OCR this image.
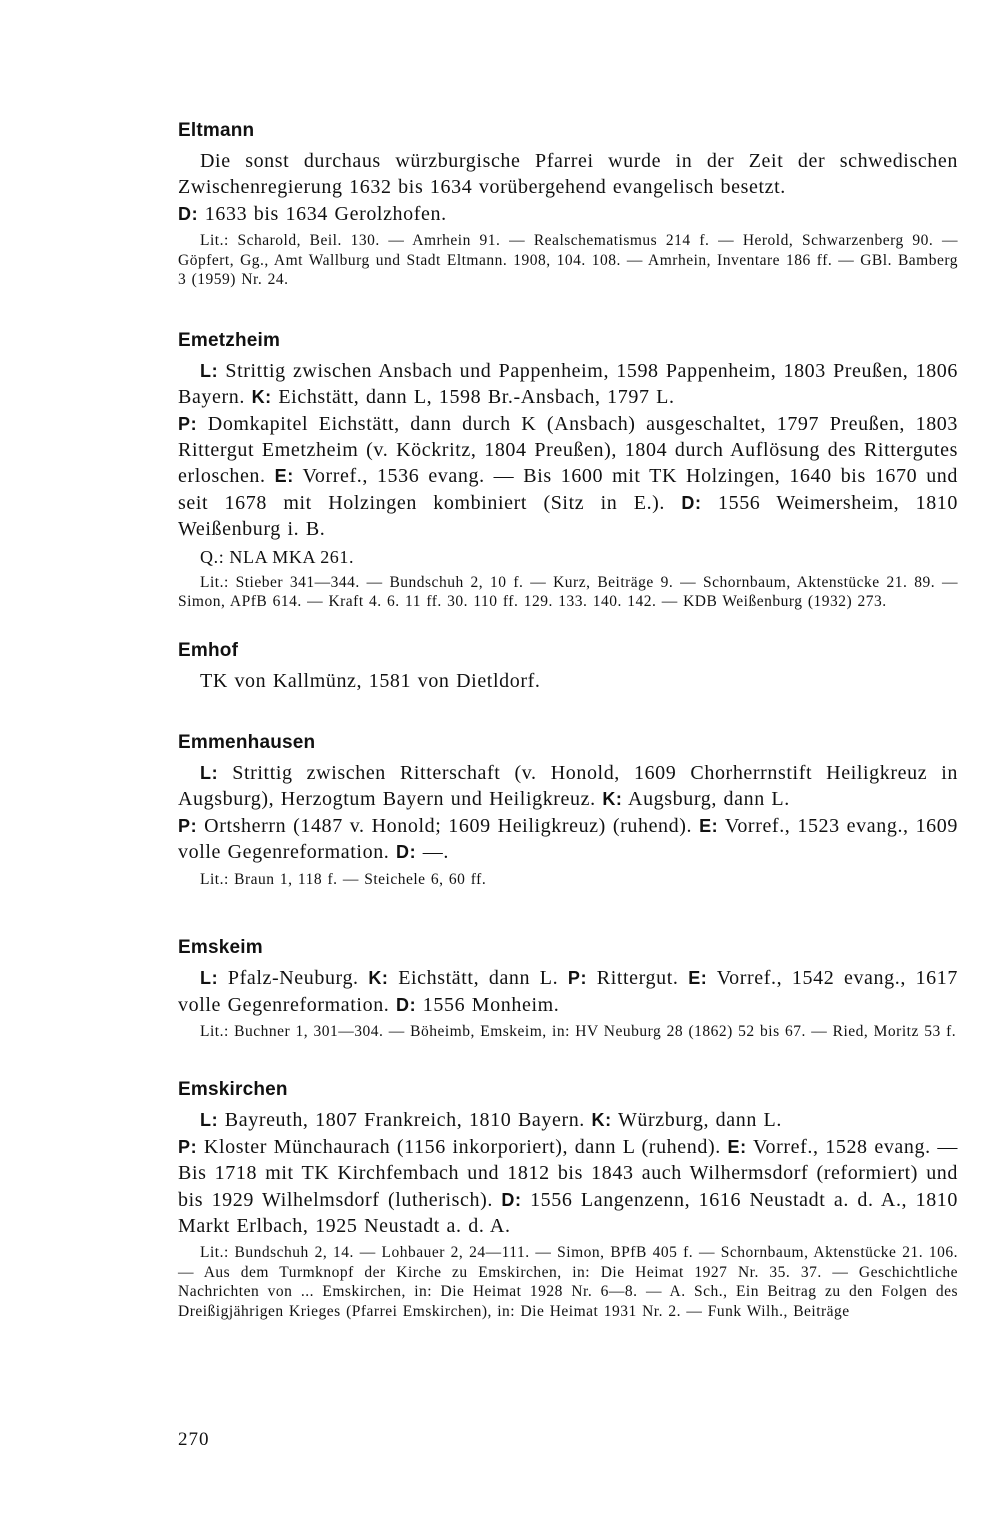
Eltmann

Die sonst durchaus würzburgische Pfarrei wurde in der Zeit der schwedischen Zwischenregierung 1632 bis 1634 vorübergehend evangelisch besetzt.
D: 1633 bis 1634 Gerolzhofen.

Lit.: Scharold, Beil. 130. — Amrhein 91. — Realschematismus 214 f. — Herold, Schwarzenberg 90. — Göpfert, Gg., Amt Wallburg und Stadt Eltmann. 1908, 104. 108. — Amrhein, Inventare 186 ff. — GBl. Bamberg 3 (1959) Nr. 24.

Emetzheim

L: Strittig zwischen Ansbach und Pappenheim, 1598 Pappenheim, 1803 Preußen, 1806 Bayern. K: Eichstätt, dann L, 1598 Br.-Ansbach, 1797 L.
P: Domkapitel Eichstätt, dann durch K (Ansbach) ausgeschaltet, 1797 Preußen, 1803 Rittergut Emetzheim (v. Köckritz, 1804 Preußen), 1804 durch Auflösung des Rittergutes erloschen. E: Vorref., 1536 evang. — Bis 1600 mit TK Holzingen, 1640 bis 1670 und seit 1678 mit Holzingen kombiniert (Sitz in E.). D: 1556 Weimersheim, 1810 Weißenburg i. B.

Q.: NLA MKA 261.

Lit.: Stieber 341—344. — Bundschuh 2, 10 f. — Kurz, Beiträge 9. — Schornbaum, Aktenstücke 21. 89. — Simon, APfB 614. — Kraft 4. 6. 11 ff. 30. 110 ff. 129. 133. 140. 142. — KDB Weißenburg (1932) 273.

Emhof

TK von Kallmünz, 1581 von Dietldorf.

Emmenhausen

L: Strittig zwischen Ritterschaft (v. Honold, 1609 Chorherrnstift Heiligkreuz in Augsburg), Herzogtum Bayern und Heiligkreuz. K: Augsburg, dann L.
P: Ortsherrn (1487 v. Honold; 1609 Heiligkreuz) (ruhend). E: Vorref., 1523 evang., 1609 volle Gegenreformation. D: —.

Lit.: Braun 1, 118 f. — Steichele 6, 60 ff.

Emskeim

L: Pfalz-Neuburg. K: Eichstätt, dann L. P: Rittergut. E: Vorref., 1542 evang., 1617 volle Gegenreformation. D: 1556 Monheim.

Lit.: Buchner 1, 301—304. — Böheimb, Emskeim, in: HV Neuburg 28 (1862) 52 bis 67. — Ried, Moritz 53 f.

Emskirchen

L: Bayreuth, 1807 Frankreich, 1810 Bayern. K: Würzburg, dann L.
P: Kloster Münchaurach (1156 inkorporiert), dann L (ruhend). E: Vorref., 1528 evang. — Bis 1718 mit TK Kirchfembach und 1812 bis 1843 auch Wilhermsdorf (reformiert) und bis 1929 Wilhelmsdorf (lutherisch). D: 1556 Langenzenn, 1616 Neustadt a. d. A., 1810 Markt Erlbach, 1925 Neustadt a. d. A.

Lit.: Bundschuh 2, 14. — Lohbauer 2, 24—111. — Simon, BPfB 405 f. — Schornbaum, Aktenstücke 21. 106. — Aus dem Turmknopf der Kirche zu Emskirchen, in: Die Heimat 1927 Nr. 35. 37. — Geschichtliche Nachrichten von ... Emskirchen, in: Die Heimat 1928 Nr. 6—8. — A. Sch., Ein Beitrag zu den Folgen des Dreißigjährigen Krieges (Pfarrei Emskirchen), in: Die Heimat 1931 Nr. 2. — Funk Wilh., Beiträge

270
